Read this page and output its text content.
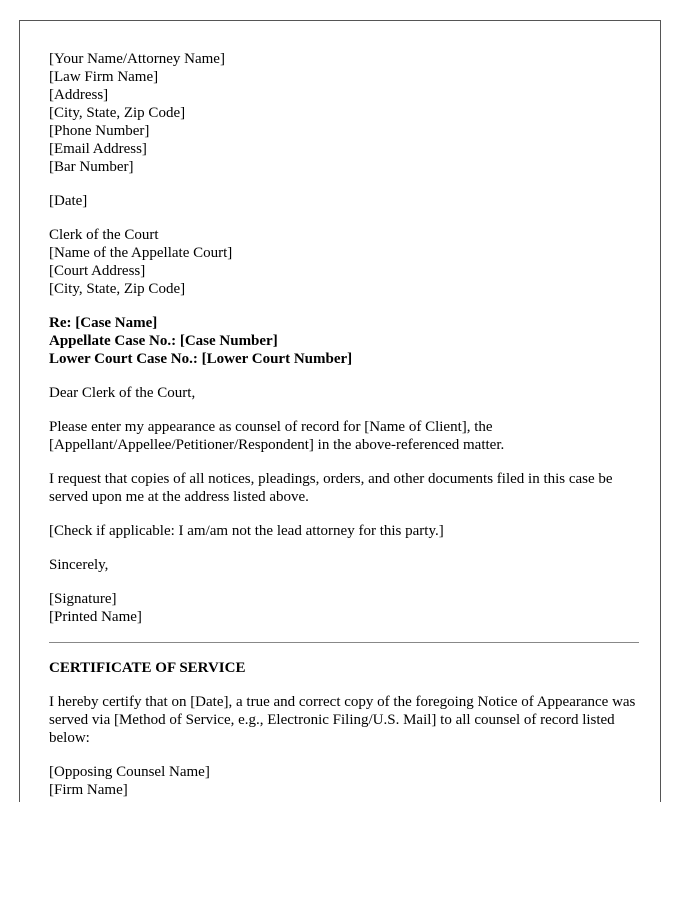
[Your Name/Attorney Name]
[Law Firm Name]
[Address]
[City, State, Zip Code]
[Phone Number]
[Email Address]
[Bar Number]
[Date]
Clerk of the Court
[Name of the Appellate Court]
[Court Address]
[City, State, Zip Code]
Re: [Case Name]
Appellate Case No.: [Case Number]
Lower Court Case No.: [Lower Court Number]

Dear Clerk of the Court,

Please enter my appearance as counsel of record for [Name of Client], the [Appellant/Appellee/Petitioner/Respondent] in the above-referenced matter.

I request that copies of all notices, pleadings, orders, and other documents filed in this case be served upon me at the address listed above.

[Check if applicable: I am/am not the lead attorney for this party.]

Sincerely,

[Signature]
[Printed Name]
CERTIFICATE OF SERVICE

I hereby certify that on [Date], a true and correct copy of the foregoing Notice of Appearance was served via [Method of Service, e.g., Electronic Filing/U.S. Mail] to all counsel of record listed below:

[Opposing Counsel Name]
[Firm Name]
